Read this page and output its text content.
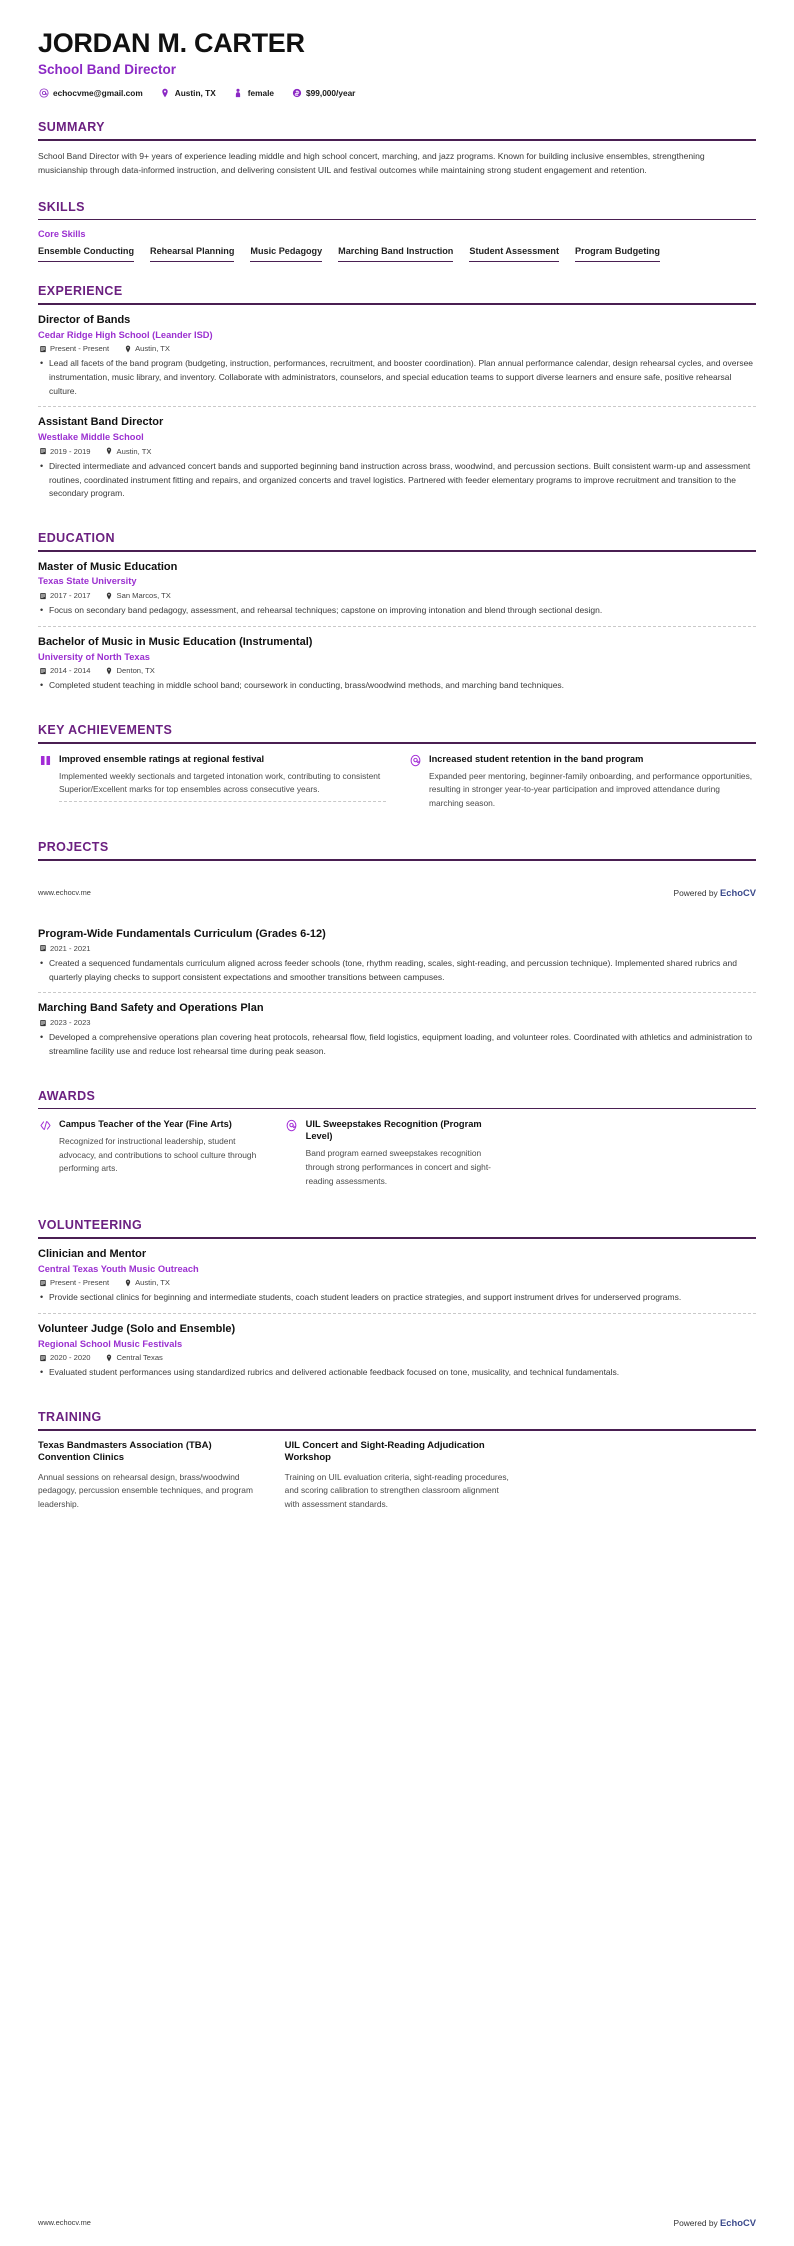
JORDAN M. CARTER
School Band Director
echocvme@gmail.com	Austin, TX	female	$99,000/year
SUMMARY

School Band Director with 9+ years of experience leading middle and high school concert, marching, and jazz programs. Known for building inclusive ensembles, strengthening musicianship through data-informed instruction, and delivering consistent UIL and festival outcomes while maintaining strong student engagement and retention.

SKILLS
Core Skills
Ensemble Conducting Rehearsal Planning Music Pedagogy Marching Band Instruction Student Assessment Program Budgeting
EXPERIENCE
Director of Bands
Cedar Ridge High School (Leander ISD)
Present - Present	Austin, TX
• Lead all facets of the band program (budgeting, instruction, performances, recruitment, and booster coordination). Plan annual performance calendar, design rehearsal cycles, and oversee instrumentation, music library, and inventory. Collaborate with administrators, counselors, and special education teams to support diverse learners and ensure safe, positive rehearsal culture.
Assistant Band Director
Westlake Middle School
2019 - 2019	Austin, TX
• Directed intermediate and advanced concert bands and supported beginning band instruction across brass, woodwind, and percussion sections. Built consistent warm-up and assessment routines, coordinated instrument fitting and repairs, and organized concerts and travel logistics. Partnered with feeder elementary programs to improve recruitment and transition to the secondary program.
EDUCATION
Master of Music Education
Texas State University
2017 - 2017	San Marcos, TX
• Focus on secondary band pedagogy, assessment, and rehearsal techniques; capstone on improving intonation and blend through sectional design.
Bachelor of Music in Music Education (Instrumental)
University of North Texas
2014 - 2014	Denton, TX
• Completed student teaching in middle school band; coursework in conducting, brass/woodwind methods, and marching band techniques.
KEY ACHIEVEMENTS
Improved ensemble ratings at regional festival

Implemented weekly sectionals and targeted intonation work, contributing to consistent Superior/Excellent marks for top ensembles across consecutive years.

Increased student retention in the band program

Expanded peer mentoring, beginner-family onboarding, and performance opportunities, resulting in stronger year-to-year participation and improved attendance during marching season.

PROJECTS
www.echocv.me	Powered by EchoCV
Program-Wide Fundamentals Curriculum (Grades 6-12)
2021 - 2021
• Created a sequenced fundamentals curriculum aligned across feeder schools (tone, rhythm reading, scales, sight-reading, and percussion technique). Implemented shared rubrics and quarterly playing checks to support consistent expectations and smoother transitions between campuses.
Marching Band Safety and Operations Plan
2023 - 2023
• Developed a comprehensive operations plan covering heat protocols, rehearsal flow, field logistics, equipment loading, and volunteer roles. Coordinated with athletics and administration to streamline facility use and reduce lost rehearsal time during peak season.
AWARDS
Campus Teacher of the Year (Fine Arts)

Recognized for instructional leadership, student advocacy, and contributions to school culture through performing arts.

UIL Sweepstakes Recognition (Program Level)

Band program earned sweepstakes recognition through strong performances in concert and sight-reading assessments.

VOLUNTEERING
Clinician and Mentor
Central Texas Youth Music Outreach
Present - Present	Austin, TX
• Provide sectional clinics for beginning and intermediate students, coach student leaders on practice strategies, and support instrument drives for underserved programs.
Volunteer Judge (Solo and Ensemble)
Regional School Music Festivals
2020 - 2020	Central Texas
• Evaluated student performances using standardized rubrics and delivered actionable feedback focused on tone, musicality, and technical fundamentals.
TRAINING
Texas Bandmasters Association (TBA) Convention Clinics

Annual sessions on rehearsal design, brass/woodwind pedagogy, percussion ensemble techniques, and program leadership.

UIL Concert and Sight-Reading Adjudication Workshop

Training on UIL evaluation criteria, sight-reading procedures, and scoring calibration to strengthen classroom alignment with assessment standards.

www.echocv.me	Powered by EchoCV
